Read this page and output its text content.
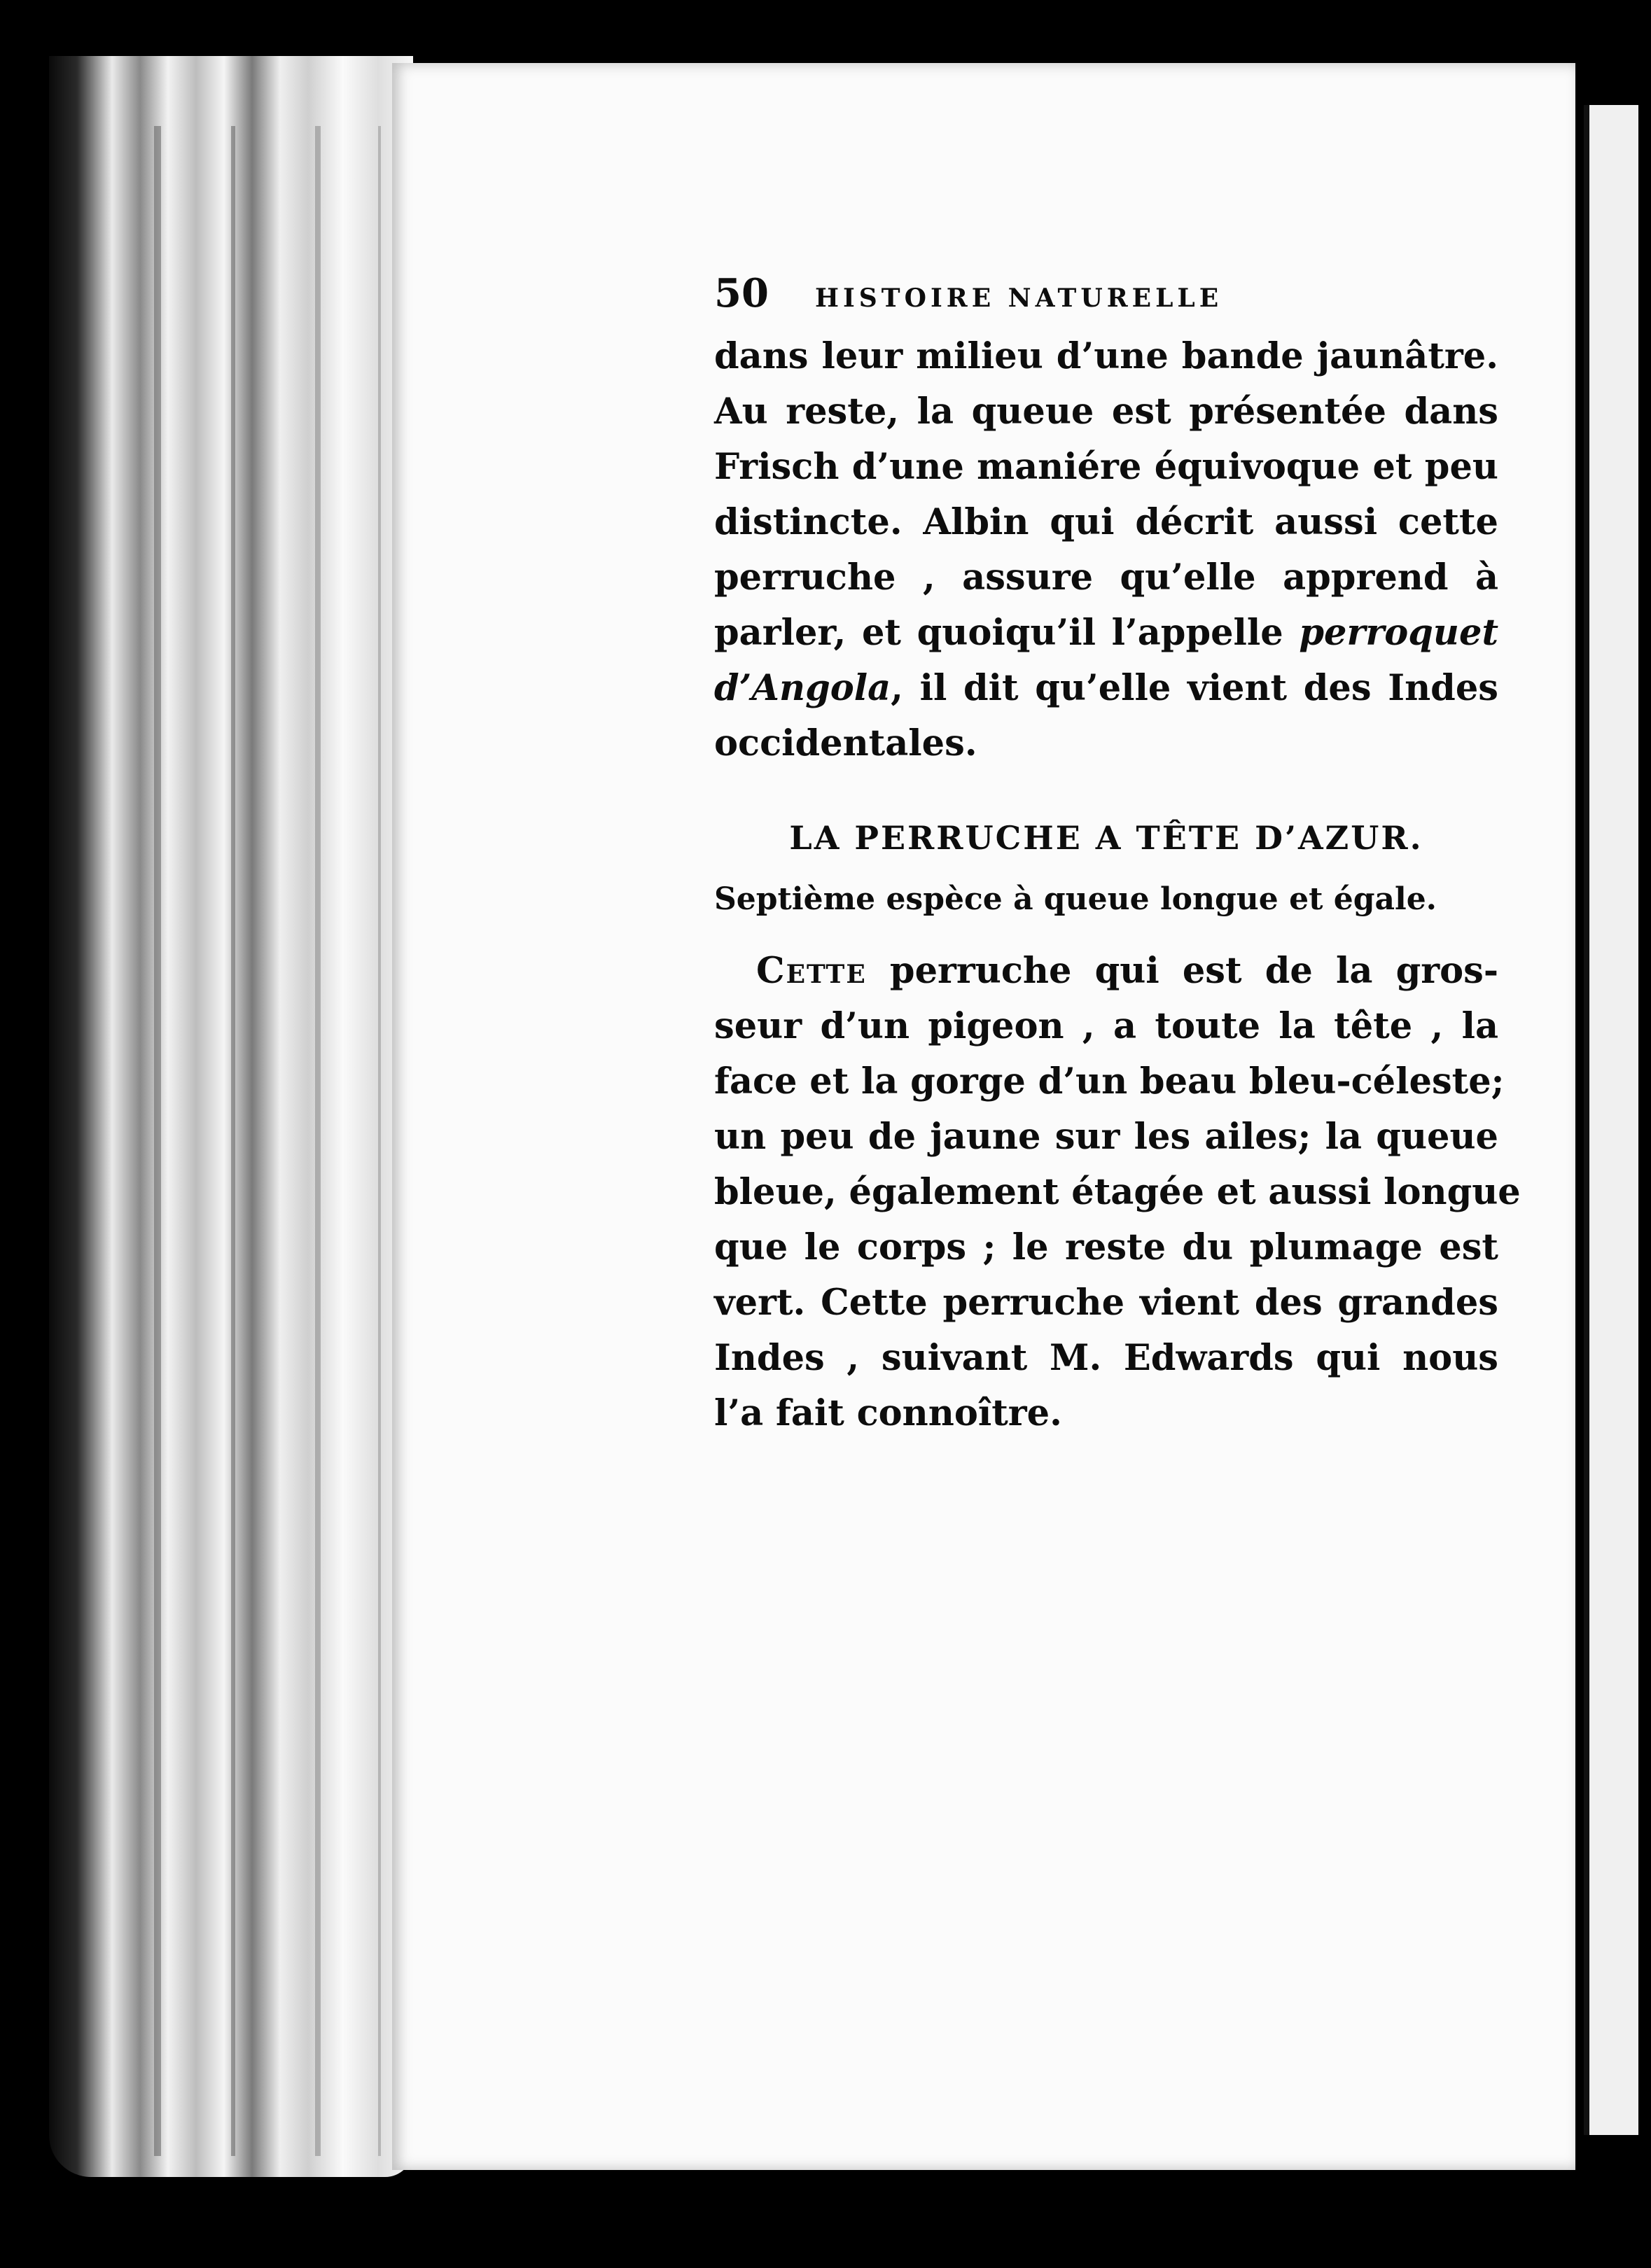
50 HISTOIRE NATURELLE

dans leur milieu d’une bande jaunâtre.
Au reste, la queue est présentée dans
Frisch d’une maniére équivoque et peu
distincte. Albin qui décrit aussi cette
perruche , assure qu’elle apprend à
parler, et quoiqu’il l’appelle perroquet
d’Angola, il dit qu’elle vient des Indes
occidentales.

LA PERRUCHE A TÊTE D’AZUR.
Septième espèce à queue longue et égale.

Cette perruche qui est de la gros-
seur d’un pigeon , a toute la tête , la
face et la gorge d’un beau bleu-céleste;
un peu de jaune sur les ailes; la queue
bleue, également étagée et aussi longue
que le corps ; le reste du plumage est
vert. Cette perruche vient des grandes
Indes , suivant M. Edwards qui nous
l’a fait connoître.
